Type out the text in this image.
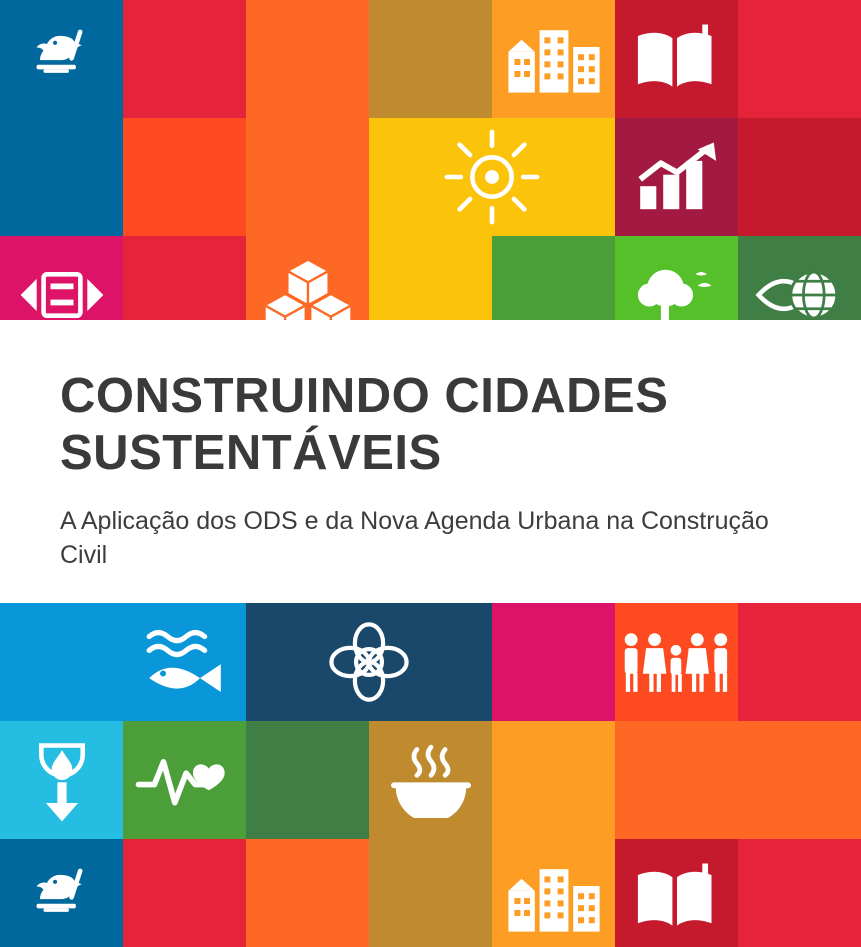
CONSTRUINDO CIDADES SUSTENTÁVEIS

A Aplicação dos ODS e da Nova Agenda Urbana na Construção Civil
